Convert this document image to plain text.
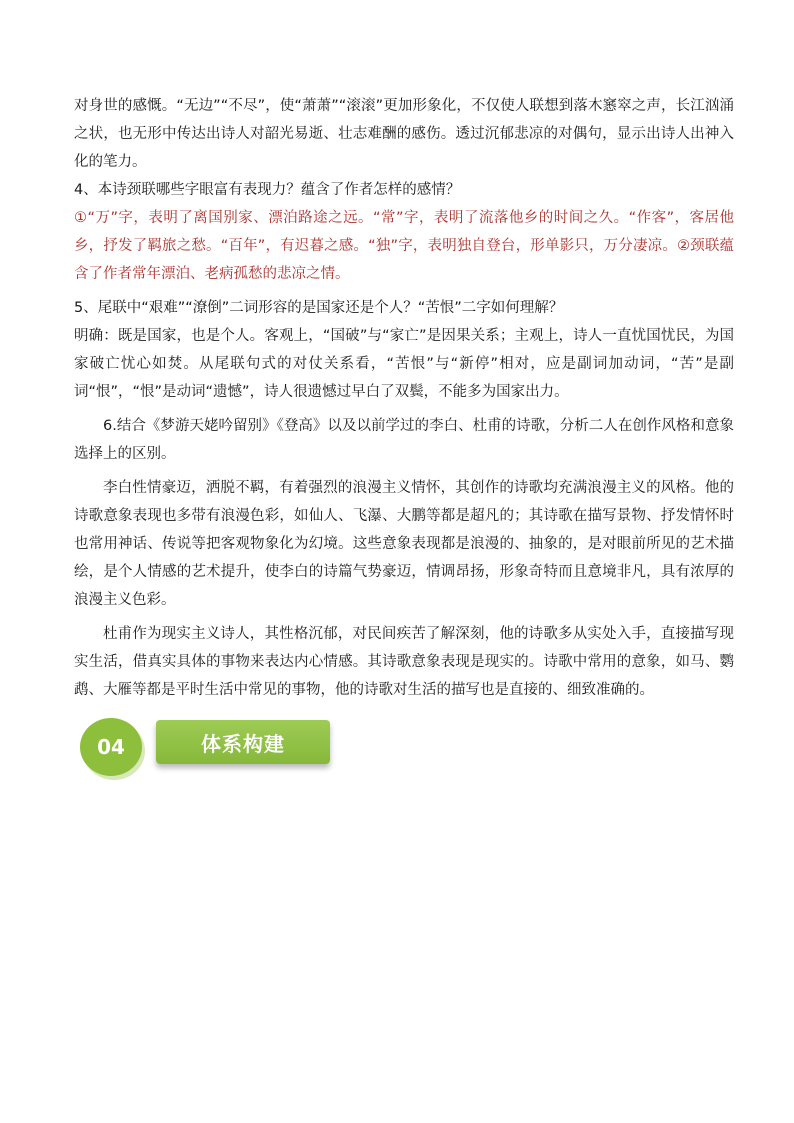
对身世的感慨。“无边”“不尽”，使“萧萧”“滚滚”更加形象化，不仅使人联想到落木窸窣之声，长江汹涌之状，也无形中传达出诗人对韶光易逝、壮志难酬的感伤。透过沉郁悲凉的对偶句，显示出诗人出神入化的笔力。

4、本诗颈联哪些字眼富有表现力？蕴含了作者怎样的感情？

①“万”字，表明了离国别家、漂泊路途之远。“常”字，表明了流落他乡的时间之久。“作客”，客居他乡，抒发了羁旅之愁。“百年”，有迟暮之感。“独”字，表明独自登台，形单影只，万分凄凉。②颈联蕴含了作者常年漂泊、老病孤愁的悲凉之情。

5、尾联中“艰难”“潦倒”二词形容的是国家还是个人？“苦恨”二字如何理解？

明确：既是国家，也是个人。客观上，“国破”与“家亡”是因果关系；主观上，诗人一直忧国忧民，为国家破亡忧心如焚。从尾联句式的对仗关系看，“苦恨”与“新停”相对，应是副词加动词，“苦”是副词“恨”，“恨”是动词“遗憾”，诗人很遗憾过早白了双鬓，不能多为国家出力。

6.结合《梦游天姥吟留别》《登高》以及以前学过的李白、杜甫的诗歌，分析二人在创作风格和意象选择上的区别。

李白性情豪迈，洒脱不羁，有着强烈的浪漫主义情怀，其创作的诗歌均充满浪漫主义的风格。他的诗歌意象表现也多带有浪漫色彩，如仙人、飞瀑、大鹏等都是超凡的；其诗歌在描写景物、抒发情怀时也常用神话、传说等把客观物象化为幻境。这些意象表现都是浪漫的、抽象的，是对眼前所见的艺术描绘，是个人情感的艺术提升，使李白的诗篇气势豪迈，情调昂扬，形象奇特而且意境非凡，具有浓厚的浪漫主义色彩。

杜甫作为现实主义诗人，其性格沉郁，对民间疾苦了解深刻，他的诗歌多从实处入手，直接描写现实生活，借真实具体的事物来表达内心情感。其诗歌意象表现是现实的。诗歌中常用的意象，如马、鹦鹉、大雁等都是平时生活中常见的事物，他的诗歌对生活的描写也是直接的、细致准确的。

04	体系构建
